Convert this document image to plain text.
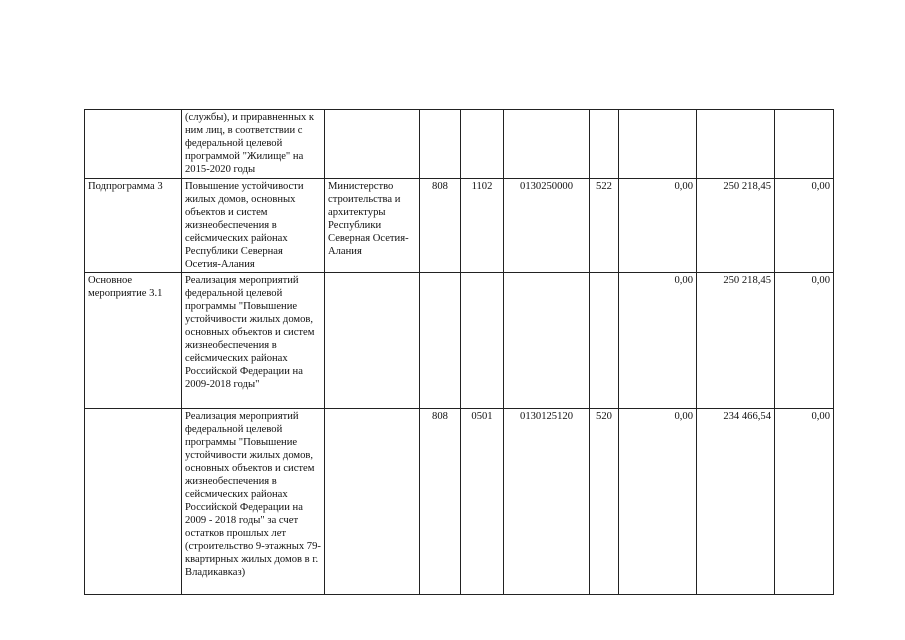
	(службы), и приравненных к ним лиц, в соответствии с федеральной целевой программой "Жилище" на 2015-2020 годы								
Подпрограмма 3	Повышение устойчивости жилых домов, основных объектов и систем жизнеобеспечения в сейсмических районах Республики Северная Осетия-Алания	Министерство строительства и архитектуры Республики Северная Осетия-Алания	808	1102	0130250000	522	0,00	250 218,45	0,00
Основное мероприятие 3.1	Реализация мероприятий федеральной целевой программы "Повышение устойчивости жилых домов, основных объектов и систем жизнеобеспечения в сейсмических районах Российской Федерации на 2009-2018 годы"						0,00	250 218,45	0,00
	Реализация мероприятий федеральной целевой программы "Повышение устойчивости жилых домов, основных объектов и систем жизнеобеспечения в сейсмических районах Российской Федерации на 2009 - 2018 годы" за счет остатков прошлых лет (строительство 9-этажных 79-квартирных жилых домов в г. Владикавказ)		808	0501	0130125120	520	0,00	234 466,54	0,00
